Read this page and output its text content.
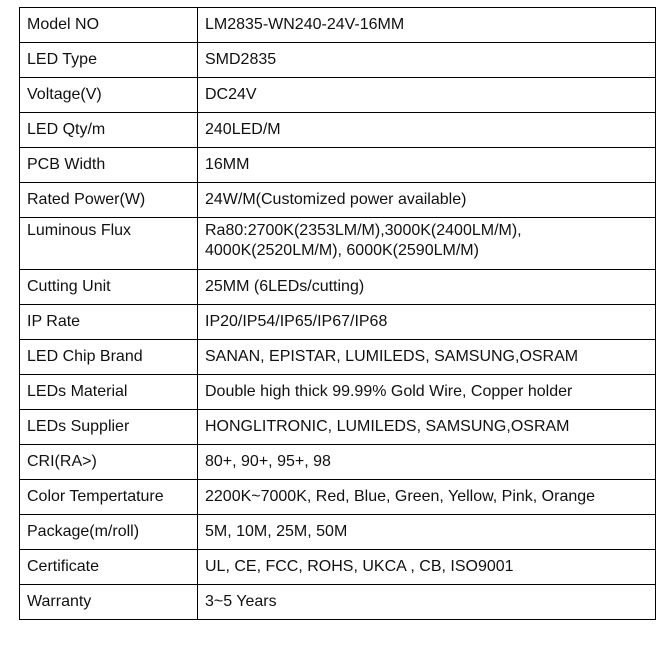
Model NO	LM2835-WN240-24V-16MM
LED Type	SMD2835
Voltage(V)	DC24V
LED Qty/m	240LED/M
PCB Width	16MM
Rated Power(W)	24W/M(Customized power available)
Luminous Flux	Ra80:2700K(2353LM/M),3000K(2400LM/M),
4000K(2520LM/M), 6000K(2590LM/M)

Cutting Unit	25MM (6LEDs/cutting)
IP Rate	IP20/IP54/IP65/IP67/IP68
LED Chip Brand	SANAN, EPISTAR, LUMILEDS, SAMSUNG,OSRAM
LEDs Material	Double high thick 99.99% Gold Wire, Copper holder
LEDs Supplier	HONGLITRONIC, LUMILEDS, SAMSUNG,OSRAM
CRI(RA>)	80+, 90+, 95+, 98
Color Tempertature	2200K~7000K, Red, Blue, Green, Yellow, Pink, Orange
Package(m/roll)	5M, 10M, 25M, 50M
Certificate	UL, CE, FCC, ROHS, UKCA , CB, ISO9001
Warranty	3~5 Years
